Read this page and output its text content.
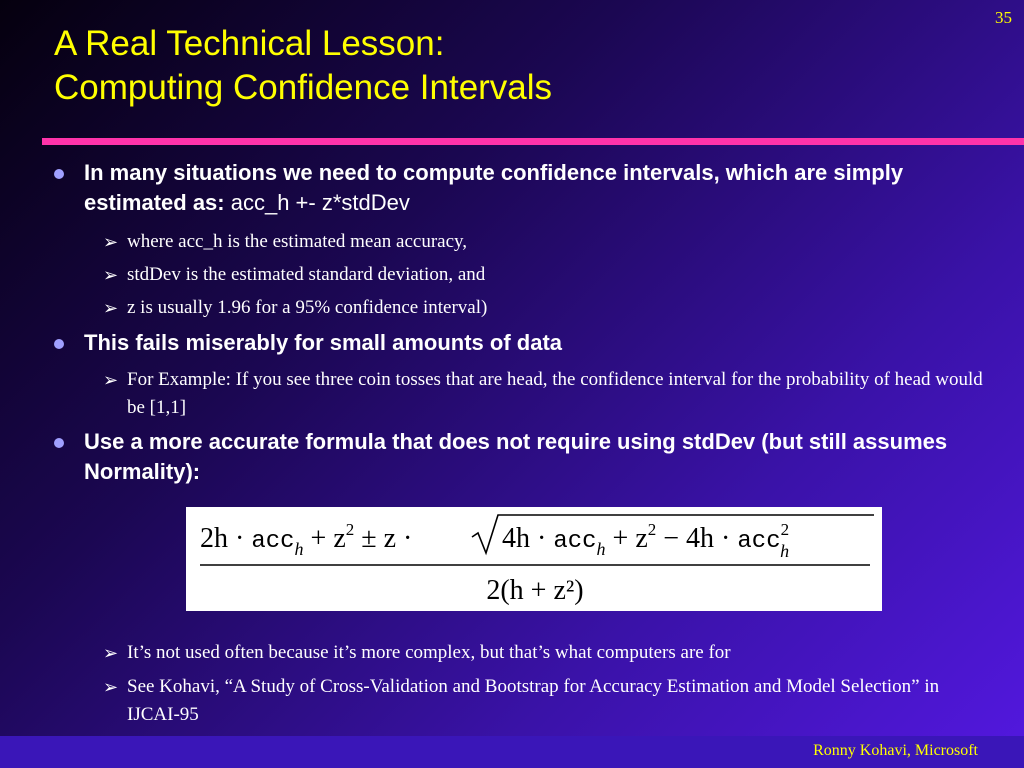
35
A Real Technical Lesson:
Computing Confidence Intervals
In many situations we need to compute confidence intervals, which are simply estimated as: acc_h +- z*stdDev
➢ where acc_h is the estimated mean accuracy,
➢ stdDev is the estimated standard deviation, and
➢ z is usually 1.96 for a 95% confidence interval)
This fails miserably for small amounts of data
➢ For Example: If you see three coin tosses that are head, the confidence interval for the probability of head would be [1,1]
Use a more accurate formula that does not require using stdDev (but still assumes Normality):
$2h \cdot acc_h + z^2 \pm z$ ·	$4h \cdot acc_h + z^2 - 4h \cdot acc^2$ h
2(h + z²)
➢ It’s not used often because it’s more complex, but that’s what computers are for
➢ See Kohavi, “A Study of Cross-Validation and Bootstrap for Accuracy Estimation and Model Selection” in IJCAI-95
Ronny Kohavi, Microsoft
